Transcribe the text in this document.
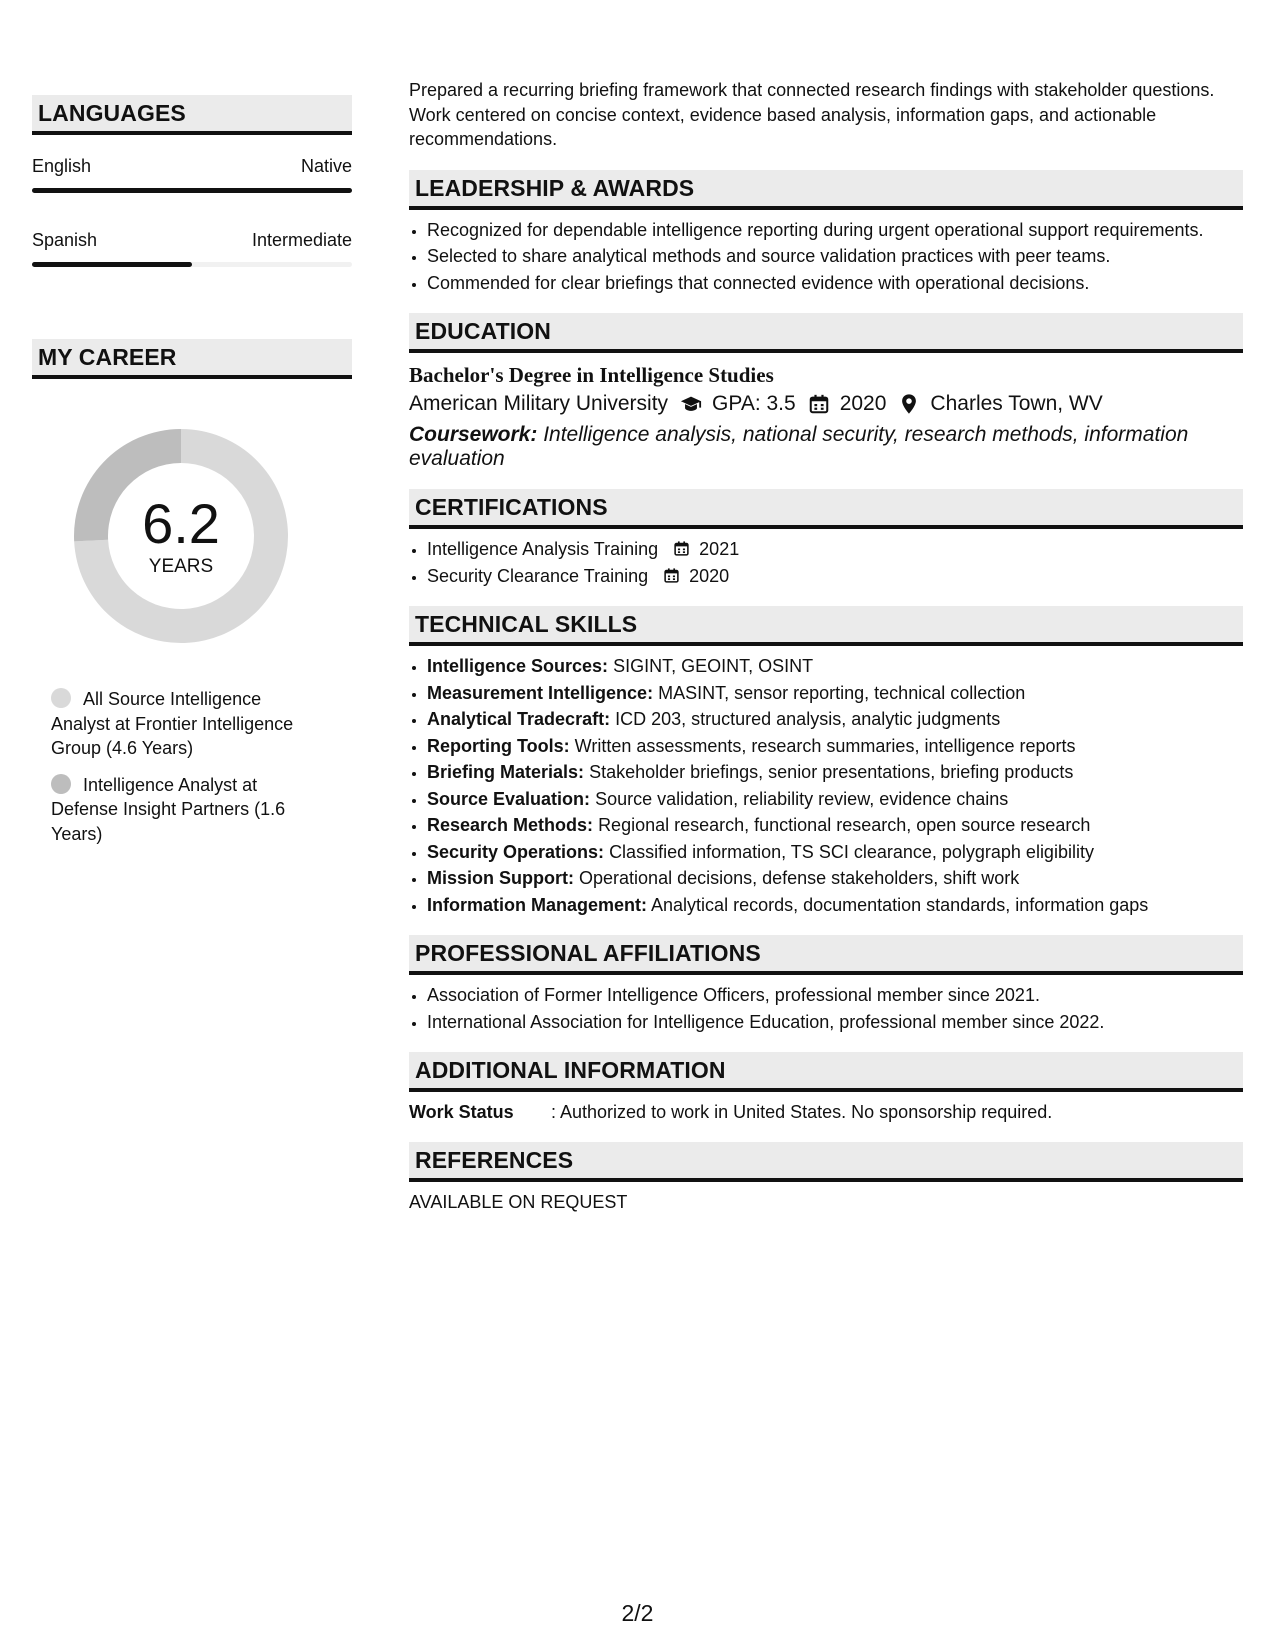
LANGUAGES
English	Native
Spanish	Intermediate
MY CAREER
6.2
YEARS
All Source Intelligence Analyst at Frontier Intelligence Group (4.6 Years)
Intelligence Analyst at Defense Insight Partners (1.6 Years)

Prepared a recurring briefing framework that connected research findings with stakeholder questions. Work centered on concise context, evidence based analysis, information gaps, and actionable recommendations.

LEADERSHIP & AWARDS
• Recognized for dependable intelligence reporting during urgent operational support requirements.
• Selected to share analytical methods and source validation practices with peer teams.
• Commended for clear briefings that connected evidence with operational decisions.
EDUCATION
Bachelor's Degree in Intelligence Studies
American Military University GPA: 3.5 2020 Charles Town, WV
Coursework: Intelligence analysis, national security, research methods, information evaluation
CERTIFICATIONS
• Intelligence Analysis Training 2021
• Security Clearance Training 2020
TECHNICAL SKILLS
• Intelligence Sources: SIGINT, GEOINT, OSINT
• Measurement Intelligence: MASINT, sensor reporting, technical collection
• Analytical Tradecraft: ICD 203, structured analysis, analytic judgments
• Reporting Tools: Written assessments, research summaries, intelligence reports
• Briefing Materials: Stakeholder briefings, senior presentations, briefing products
• Source Evaluation: Source validation, reliability review, evidence chains
• Research Methods: Regional research, functional research, open source research
• Security Operations: Classified information, TS SCI clearance, polygraph eligibility
• Mission Support: Operational decisions, defense stakeholders, shift work
• Information Management: Analytical records, documentation standards, information gaps
PROFESSIONAL AFFILIATIONS
• Association of Former Intelligence Officers, professional member since 2021.
• International Association for Intelligence Education, professional member since 2022.
ADDITIONAL INFORMATION
Work Status	: Authorized to work in United States. No sponsorship required.
REFERENCES
AVAILABLE ON REQUEST
2/2
